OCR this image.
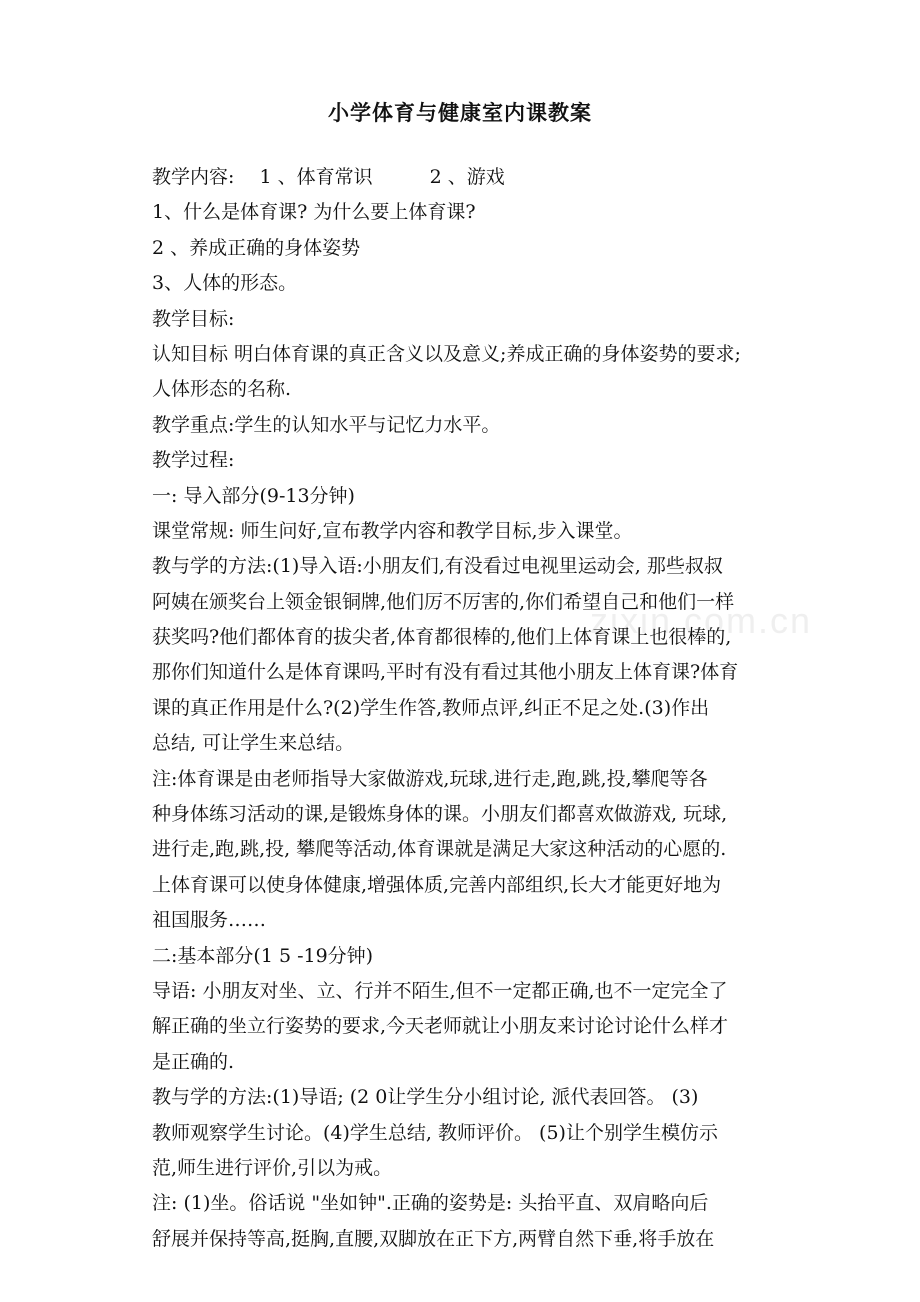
zixin.com.cn
小学体育与健康室内课教案
教学内容:　 1 、体育常识　　　2 、游戏
1、什么是体育课? 为什么要上体育课?
2 、养成正确的身体姿势
3、人体的形态。
教学目标:
认知目标 明白体育课的真正含义以及意义;养成正确的身体姿势的要求;
人体形态的名称.
教学重点:学生的认知水平与记忆力水平。
教学过程:
一: 导入部分(9-13分钟)
课堂常规: 师生问好,宣布教学内容和教学目标,步入课堂。
教与学的方法:(1)导入语:小朋友们,有没看过电视里运动会, 那些叔叔
阿姨在颁奖台上领金银铜牌,他们厉不厉害的,你们希望自己和他们一样
获奖吗?他们都体育的拔尖者,体育都很棒的,他们上体育课上也很棒的,
那你们知道什么是体育课吗,平时有没有看过其他小朋友上体育课?体育
课的真正作用是什么?(2)学生作答,教师点评,纠正不足之处.(3)作出
总结, 可让学生来总结。
注:体育课是由老师指导大家做游戏,玩球,进行走,跑,跳,投,攀爬等各
种身体练习活动的课,是锻炼身体的课。小朋友们都喜欢做游戏, 玩球,
进行走,跑,跳,投, 攀爬等活动,体育课就是满足大家这种活动的心愿的.
上体育课可以使身体健康,增强体质,完善内部组织,长大才能更好地为
祖国服务……
二:基本部分(1 5 -19分钟)
导语: 小朋友对坐、立、行并不陌生,但不一定都正确,也不一定完全了
解正确的坐立行姿势的要求,今天老师就让小朋友来讨论讨论什么样才
是正确的.
教与学的方法:(1)导语; (2 0让学生分小组讨论, 派代表回答。 (3)
教师观察学生讨论。(4)学生总结, 教师评价。 (5)让个别学生模仿示
范,师生进行评价,引以为戒。
注: (1)坐。俗话说 "坐如钟".正确的姿势是: 头抬平直、双肩略向后
舒展并保持等高,挺胸,直腰,双脚放在正下方,两臂自然下垂,将手放在
